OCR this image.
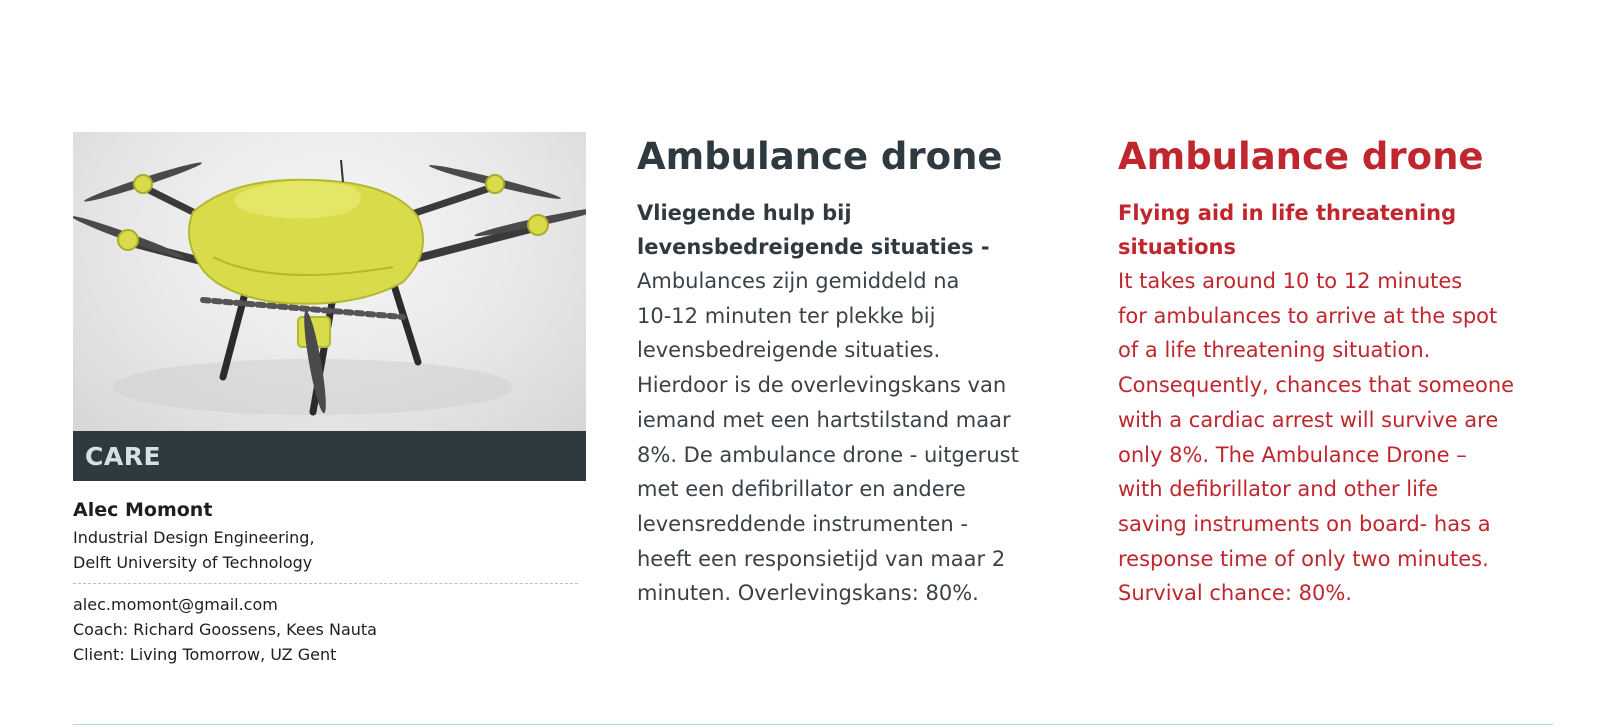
CARE
Alec Momont
Industrial Design Engineering,
Delft University of Technology
alec.momont@gmail.com
Coach: Richard Goossens, Kees Nauta
Client: Living Tomorrow, UZ Gent
Ambulance drone
Vliegende hulp bij
levensbedreigende situaties -
Ambulances zijn gemiddeld na
10-12 minuten ter plekke bij
levensbedreigende situaties.
Hierdoor is de overlevingskans van
iemand met een hartstilstand maar
8%. De ambulance drone - uitgerust
met een defibrillator en andere
levensreddende instrumenten -
heeft een responsietijd van maar 2
minuten. Overlevingskans: 80%.
Ambulance drone
Flying aid in life threatening
situations
It takes around 10 to 12 minutes
for ambulances to arrive at the spot
of a life threatening situation.
Consequently, chances that someone
with a cardiac arrest will survive are
only 8%. The Ambulance Drone –
with defibrillator and other life
saving instruments on board- has a
response time of only two minutes.
Survival chance: 80%.
